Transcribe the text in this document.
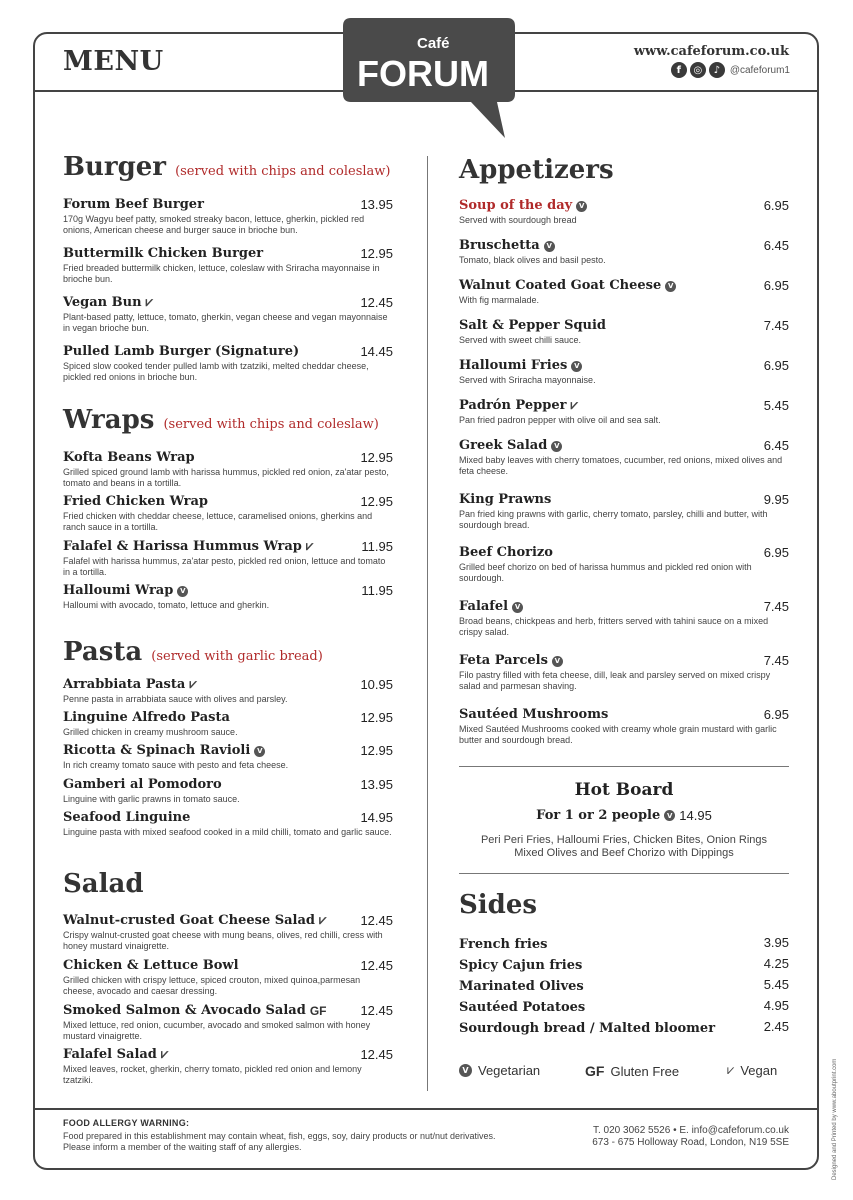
MENU
Café
FORUM
www.cafeforum.co.uk
f	◎	♪ @cafeforum1
Burger (served with chips and coleslaw)
Forum Beef Burger	13.95
170g Wagyu beef patty, smoked streaky bacon, lettuce, gherkin, pickled red onions, American cheese and burger sauce in brioche bun.
Buttermilk Chicken Burger	12.95
Fried breaded buttermilk chicken, lettuce, coleslaw with Sriracha mayonnaise in brioche bun.
Vegan Bun ⩗	12.45
Plant-based patty, lettuce, tomato, gherkin, vegan cheese and vegan mayonnaise in vegan brioche bun.
Pulled Lamb Burger (Signature)	14.45
Spiced slow cooked tender pulled lamb with tzatziki, melted cheddar cheese, pickled red onions in brioche bun.
Wraps (served with chips and coleslaw)
Kofta Beans Wrap	12.95
Grilled spiced ground lamb with harissa hummus, pickled red onion, za'atar pesto, tomato and beans in a tortilla.
Fried Chicken Wrap	12.95
Fried chicken with cheddar cheese, lettuce, caramelised onions, gherkins and ranch sauce in a tortilla.
Falafel & Harissa Hummus Wrap ⩗	11.95
Falafel with harissa hummus, za'atar pesto, pickled red onion, lettuce and tomato in a tortilla.
Halloumi Wrap V	11.95
Halloumi with avocado, tomato, lettuce and gherkin.
Pasta (served with garlic bread)
Arrabbiata Pasta ⩗	10.95
Penne pasta in arrabbiata sauce with olives and parsley.
Linguine Alfredo Pasta	12.95
Grilled chicken in creamy mushroom sauce.
Ricotta & Spinach Ravioli V	12.95
In rich creamy tomato sauce with pesto and feta cheese.
Gamberi al Pomodoro	13.95
Linguine with garlic prawns in tomato sauce.
Seafood Linguine	14.95
Linguine pasta with mixed seafood cooked in a mild chilli, tomato and garlic sauce.
Salad
Walnut-crusted Goat Cheese Salad ⩗	12.45
Crispy walnut-crusted goat cheese with mung beans, olives, red chilli, cress with honey mustard vinaigrette.
Chicken & Lettuce Bowl	12.45
Grilled chicken with crispy lettuce, spiced crouton, mixed quinoa,parmesan cheese, avocado and caesar dressing.
Smoked Salmon & Avocado Salad GF	12.45
Mixed lettuce, red onion, cucumber, avocado and smoked salmon with honey mustard vinaigrette.
Falafel Salad ⩗	12.45
Mixed leaves, rocket, gherkin, cherry tomato, pickled red onion and lemony tzatziki.
Appetizers
Soup of the day V	6.95
Served with sourdough bread
Bruschetta V	6.45
Tomato, black olives and basil pesto.
Walnut Coated Goat Cheese V	6.95
With fig marmalade.
Salt & Pepper Squid	7.45
Served with sweet chilli sauce.
Halloumi Fries V	6.95
Served with Sriracha mayonnaise.
Padrón Pepper ⩗	5.45
Pan fried padron pepper with olive oil and sea salt.
Greek Salad V	6.45
Mixed baby leaves with cherry tomatoes, cucumber, red onions, mixed olives and feta cheese.
King Prawns	9.95
Pan fried king prawns with garlic, cherry tomato, parsley, chilli and butter, with sourdough bread.
Beef Chorizo	6.95
Grilled beef chorizo on bed of harissa hummus and pickled red onion with sourdough.
Falafel V	7.45
Broad beans, chickpeas and herb, fritters served with tahini sauce on a mixed crispy salad.
Feta Parcels V	7.45
Filo pastry filled with feta cheese, dill, leak and parsley served on mixed crispy salad and parmesan shaving.
Sautéed Mushrooms	6.95
Mixed Sautéed Mushrooms cooked with creamy whole grain mustard with garlic butter and sourdough bread.
Hot Board
For 1 or 2 people V 14.95
Peri Peri Fries, Halloumi Fries, Chicken Bites, Onion Rings
Mixed Olives and Beef Chorizo with Dippings
Sides
French fries	3.95
Spicy Cajun fries	4.25
Marinated Olives	5.45
Sautéed Potatoes	4.95
Sourdough bread / Malted bloomer	2.45
V Vegetarian	GF Gluten Free	⩗ Vegan
FOOD ALLERGY WARNING:
Food prepared in this establishment may contain wheat, fish, eggs, soy, dairy products or nut/nut derivatives.
Please inform a member of the waiting staff of any allergies.
T. 020 3062 5526 • E. info@cafeforum.co.uk
673 - 675 Holloway Road, London, N19 5SE	Designed and Printed by www.aboutprint.com
